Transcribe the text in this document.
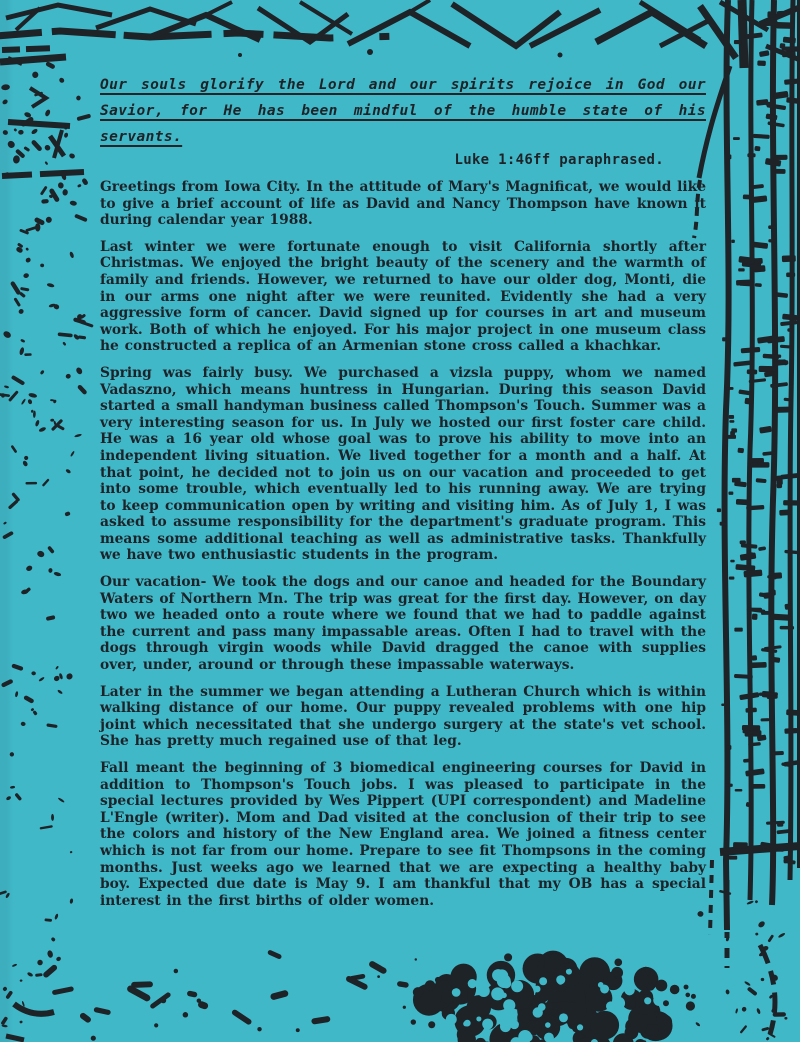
Our souls glorify the Lord and our spirits rejoice in God our
Savior, for He has been mindful of the humble state of his servants.
Luke 1:46ff paraphrased.

Greetings from Iowa City. In the attitude of Mary's Magnificat, we would like to give a brief account of life as David and Nancy Thompson have known it during calendar year 1988.

Last winter we were fortunate enough to visit California shortly after Christmas. We enjoyed the bright beauty of the scenery and the warmth of family and friends. However, we returned to have our older dog, Monti, die in our arms one night after we were reunited. Evidently she had a very aggressive form of cancer. David signed up for courses in art and museum work. Both of which he enjoyed. For his major project in one museum class he constructed a replica of an Armenian stone cross called a khachkar.

Spring was fairly busy. We purchased a vizsla puppy, whom we named Vadaszno, which means huntress in Hungarian. During this season David started a small handyman business called Thompson's Touch. Summer was a very interesting season for us. In July we hosted our first foster care child. He was a 16 year old whose goal was to prove his ability to move into an independent living situation. We lived together for a month and a half. At that point, he decided not to join us on our vacation and proceeded to get into some trouble, which eventually led to his running away. We are trying to keep communication open by writing and visiting him. As of July 1, I was asked to assume responsibility for the department's graduate program. This means some additional teaching as well as administrative tasks. Thankfully we have two enthusiastic students in the program.

Our vacation- We took the dogs and our canoe and headed for the Boundary Waters of Northern Mn. The trip was great for the first day. However, on day two we headed onto a route where we found that we had to paddle against the current and pass many impassable areas. Often I had to travel with the dogs through virgin woods while David dragged the canoe with supplies over, under, around or through these impassable waterways.

Later in the summer we began attending a Lutheran Church which is within walking distance of our home. Our puppy revealed problems with one hip joint which necessitated that she undergo surgery at the state's vet school. She has pretty much regained use of that leg.

Fall meant the beginning of 3 biomedical engineering courses for David in addition to Thompson's Touch jobs. I was pleased to participate in the special lectures provided by Wes Pippert (UPI correspondent) and Madeline L'Engle (writer). Mom and Dad visited at the conclusion of their trip to see the colors and history of the New England area. We joined a fitness center which is not far from our home. Prepare to see fit Thompsons in the coming months. Just weeks ago we learned that we are expecting a healthy baby boy. Expected due date is May 9. I am thankful that my OB has a special interest in the first births of older women.
